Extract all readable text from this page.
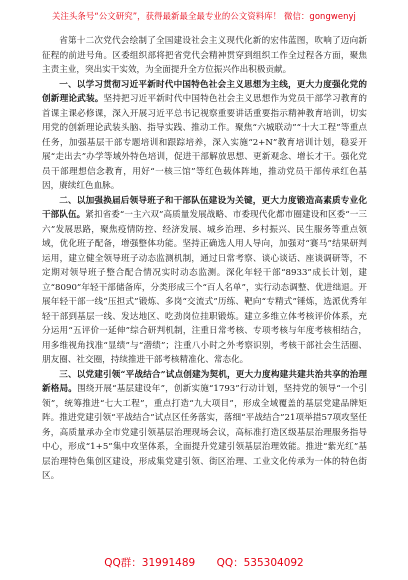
关注头条号“公文研究”，获得最新最全最专业的公文资料库！ 微信：gongwenyj

省第十二次党代会绘制了全国建设社会主义现代化新的宏伟蓝图，吹响了迈向新征程的前进号角。区委组织部将把省党代会精神贯穿到组织工作全过程各方面，聚焦主责主业，突出实干实效，为全面提升全方位振兴作出积极贡献。

一、以学习贯彻习近平新时代中国特色社会主义思想为主线，更大力度强化党的创新理论武装。坚持把习近平新时代中国特色社会主义思想作为党员干部学习教育的首课主课必修课，深入开展习近平总书记视察重要讲话重要指示精神教育培训，切实用党的创新理论武装头脑、指导实践、推动工作。聚焦“六城联动”“十大工程”等重点任务，加强基层干部专题培训和跟踪培养，深入实施“2+N”教育培训计划，稳妥开展“走出去”办学等域外特色培训，促进干部解放思想、更新观念、增长才干。强化党员干部理想信念教育，用好“一核三馆”等红色载体阵地，推动党员干部传承红色基因，赓续红色血脉。

二、以加强换届后领导班子和干部队伍建设为关键，更大力度锻造高素质专业化干部队伍。紧扣省委“一主六双”高质量发展战略、市委现代化都市圈建设和区委“一三六”发展思路，聚焦疫情防控、经济发展、城乡治理、乡村振兴、民生服务等重点领域，优化班子配备，增强整体功能。坚持正确选人用人导向，加强对“赛马”结果研判运用，建立健全领导班子动态监测机制，通过日常考察、谈心谈话、座谈调研等，不定期对领导班子整合配合情况实时动态监测。深化年轻干部“8933”成长计划，建立“8090”年轻干部储备库，分类形成三个“百人名单”，实行动态调整、优进绌退。开展年轻干部一线“压担式”锻炼、多岗“交流式”历练、靶向“专精式”锤炼，选派优秀年轻干部到基层一线、发达地区、吃劲岗位挂职锻炼。建立多维立体考核评价体系，充分运用“五评价一延伸”综合研判机制，注重日常考核、专项考核与年度考核相结合，用多维视角找准“显绩”与“潜绩”；注重八小时之外考察识别，考核干部社会生活圈、朋友圈、社交圈，持续推进干部考核精准化、常态化。

三、以党建引领“平战结合”试点创建为契机，更大力度构建共建共治共享的治理新格局。围绕开展“基层建设年”，创新实施“1793”行动计划，坚持党的领导“一个引领”，统筹推进“七大工程”，重点打造“九大项目”，形成全域覆盖的基层党建品牌矩阵。推进党建引领“平战结合”试点区任务落实，落细“平战结合”21项举措57项攻坚任务，高质量承办全市党建引领基层治理现场会议，高标准打造区级基层治理服务指导中心，形成“1+5”集中攻坚体系，全面提升党建引领基层治理效能。推进“紫光红”基层治理特色集创区建设，形成集党建引领、街区治理、工业文化传承为一体的特色街区。

QQ群：31991489 QQ：535304092
